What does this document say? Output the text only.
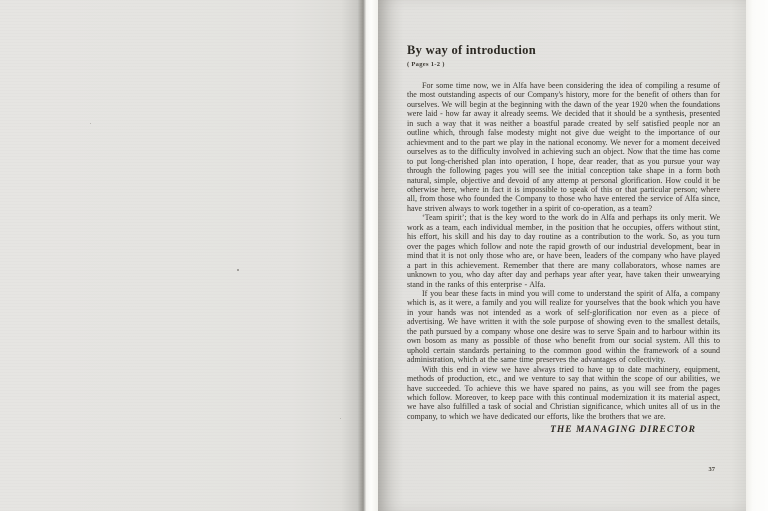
By way of introduction
( Pages 1-2 )

For some time now, we in Alfa have been considering the idea of compiling a resume of the most outstanding aspects of our Company's history, more for the benefit of others than for ourselves. We will begin at the beginning with the dawn of the year 1920 when the foundations were laid - how far away it already seems. We decided that it should be a synthesis, presented in such a way that it was neither a boastful parade created by self satisfied people nor an outline which, through false modesty might not give due weight to the importance of our achievment and to the part we play in the national economy. We never for a moment deceived ourselves as to the difficulty involved in achieving such an object. Now that the time has come to put long-cherished plan into operation, I hope, dear reader, that as you pursue your way through the following pages you will see the initial conception take shape in a form both natural, simple, objective and devoid of any attemp at personal glorification. How could it be otherwise here, where in fact it is impossible to speak of this or that particular person; where all, from those who founded the Company to those who have entered the service of Alfa since, have striven always to work together in a spirit of co-operation, as a team?

‘Team spirit’; that is the key word to the work do in Alfa and perhaps its only merit. We work as a team, each individual member, in the position that he occupies, offers without stint, his effort, his skill and his day to day routine as a contribution to the work. So, as you turn over the pages which follow and note the rapid growth of our industrial development, bear in mind that it is not only those who are, or have been, leaders of the company who have played a part in this achievement. Remember that there are many collaborators, whose names are unknown to you, who day after day and perhaps year after year, have taken their unwearying stand in the ranks of this enterprise - Alfa.

If you bear these facts in mind you will come to understand the spirit of Alfa, a company which is, as it were, a family and you will realize for yourselves that the book which you have in your hands was not intended as a work of self-glorification nor even as a piece of advertising. We have written it with the sole purpose of showing even to the smallest details, the path pursued by a company whose one desire was to serve Spain and to harbour within its own bosom as many as possible of those who benefit from our social system. All this to uphold certain standards pertaining to the common good within the framework of a sound administration, which at the same time preserves the advantages of collectivity.

With this end in view we have always tried to have up to date machinery, equipment, methods of production, etc., and we venture to say that within the scope of our abilities, we have succeeded. To achieve this we have spared no pains, as you will see from the pages which follow. Moreover, to keep pace with this continual modernization it its material aspect, we have also fulfilled a task of social and Christian significance, which unites all of us in the company, to which we have dedicated our efforts, like the brothers that we are.

THE MANAGING DIRECTOR
37
